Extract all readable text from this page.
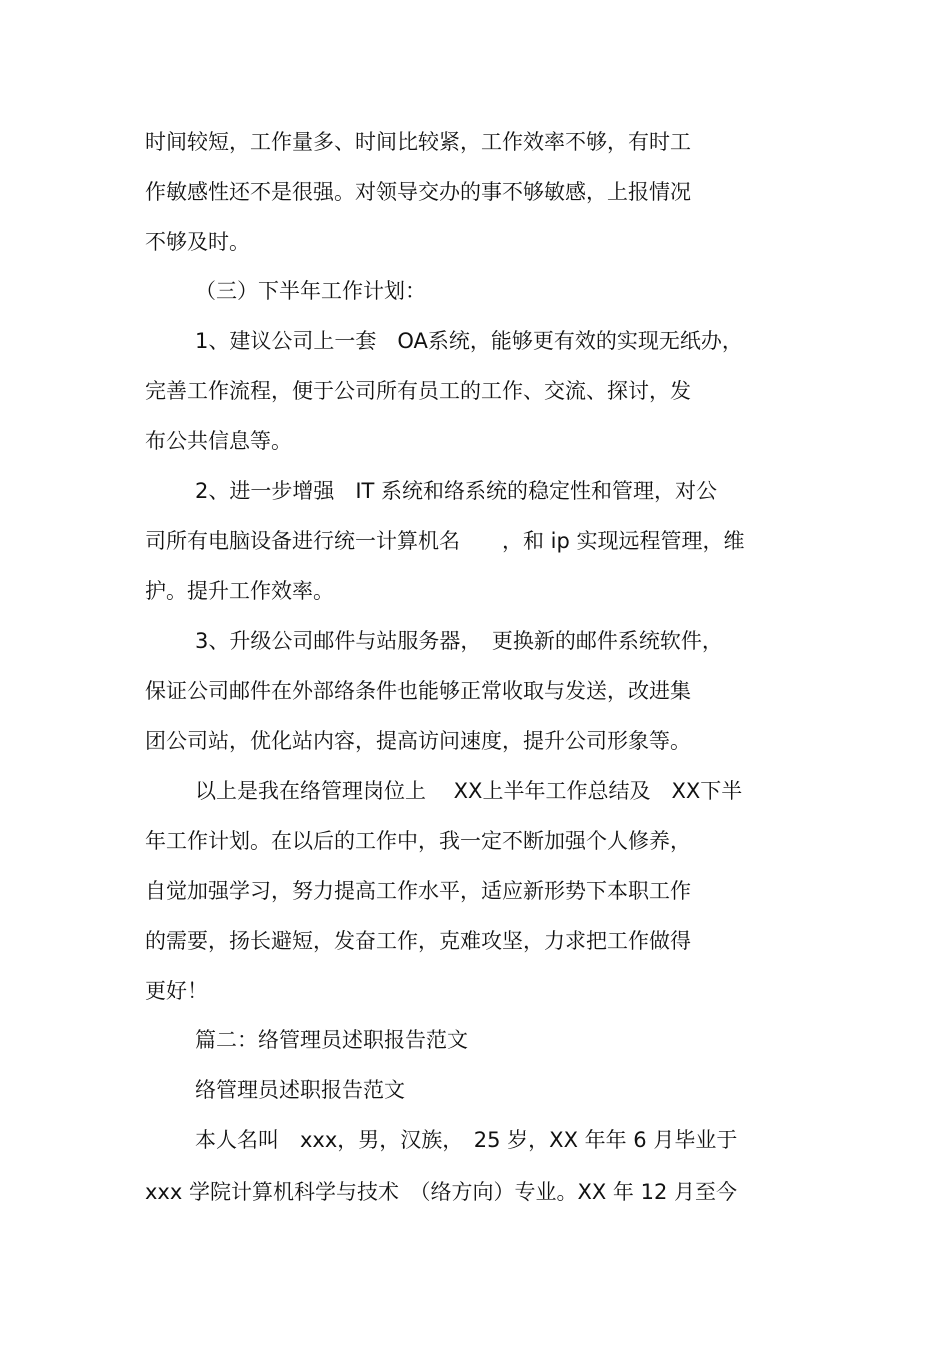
时间较短，工作量多、时间比较紧，工作效率不够，有时工
作敏感性还不是很强。对领导交办的事不够敏感，上报情况
不够及时。
（三）下半年工作计划：
1、建议公司上一套　OA系统，能够更有效的实现无纸办，
完善工作流程，便于公司所有员工的工作、交流、探讨，发
布公共信息等。
2、进一步增强　IT 系统和络系统的稳定性和管理，对公
司所有电脑设备进行统一计算机名　　，和 ip 实现远程管理，维
护。提升工作效率。
3、升级公司邮件与站服务器，　更换新的邮件系统软件，
保证公司邮件在外部络条件也能够正常收取与发送，改进集
团公司站，优化站内容，提高访问速度，提升公司形象等。
以上是我在络管理岗位上　 XX上半年工作总结及　XX下半
年工作计划。在以后的工作中，我一定不断加强个人修养，
自觉加强学习，努力提高工作水平，适应新形势下本职工作
的需要，扬长避短，发奋工作，克难攻坚，力求把工作做得
更好！
篇二：络管理员述职报告范文
络管理员述职报告范文
本人名叫　xxx，男，汉族，　25 岁，XX 年年 6 月毕业于
xxx 学院计算机科学与技术　（络方向）专业。XX 年 12 月至今
